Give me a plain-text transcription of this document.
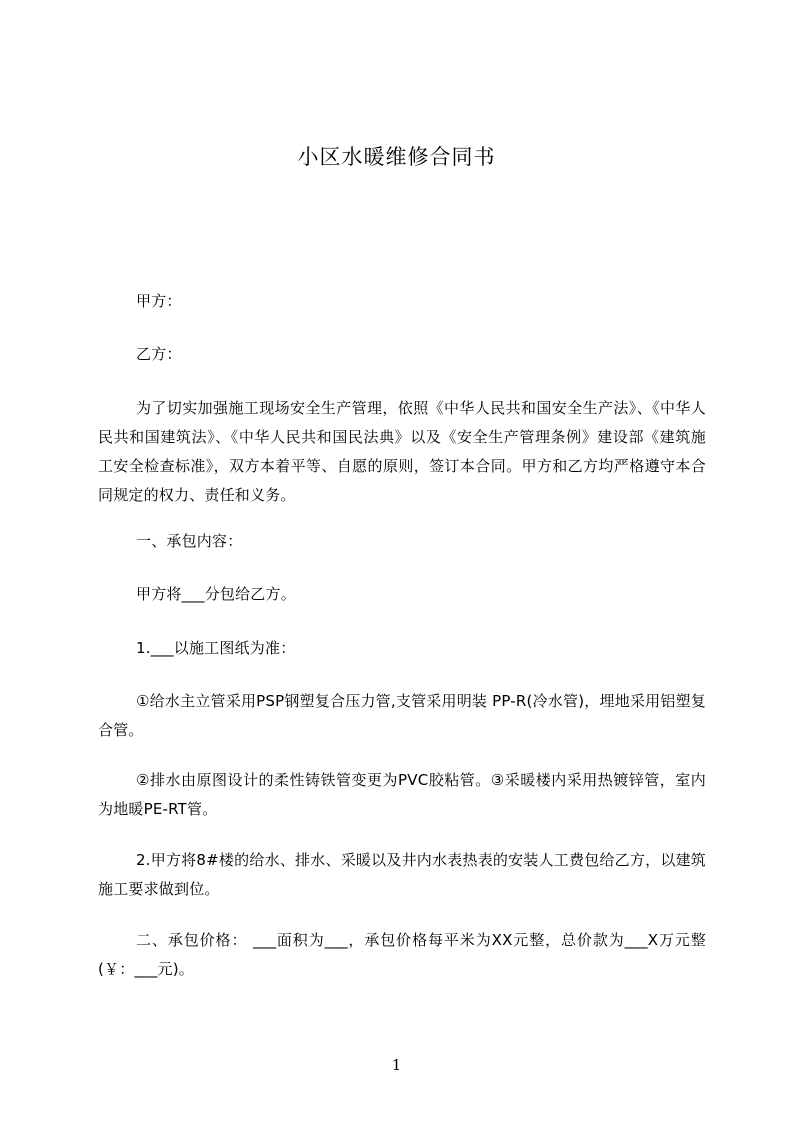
小区水暖维修合同书
甲方：
乙方：
为了切实加强施工现场安全生产管理，依照《中华人民共和国安全生产法》、《中华人民共和国建筑法》、《中华人民共和国民法典》以及《安全生产管理条例》建设部《建筑施工安全检查标准》，双方本着平等、自愿的原则，签订本合同。甲方和乙方均严格遵守本合同规定的权力、责任和义务。
一、承包内容：
甲方将___分包给乙方。
1.___以施工图纸为准：
①给水主立管采用PSP钢塑复合压力管,支管采用明装 PP-R(冷水管)，埋地采用铝塑复合管。
②排水由原图设计的柔性铸铁管变更为PVC胶粘管。③采暖楼内采用热镀锌管，室内为地暖PE-RT管。
2.甲方将8#楼的给水、排水、采暖以及井内水表热表的安装人工费包给乙方，以建筑施工要求做到位。
二、承包价格： ___面积为___，承包价格每平米为XX元整，总价款为___X万元整(￥：___元)。
1
